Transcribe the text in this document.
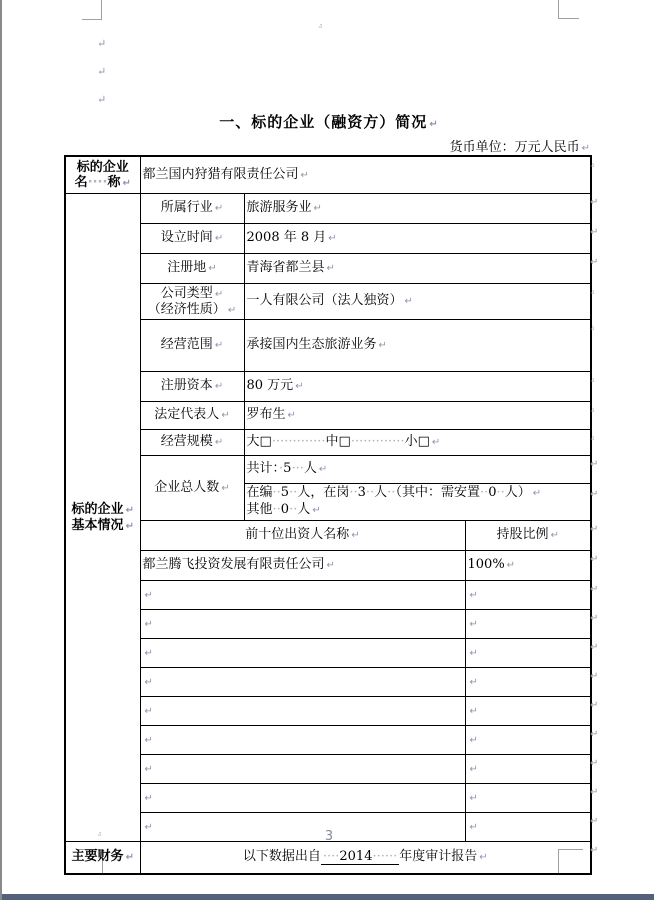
·¹
·¹
↵
↵
↵
一、标的企业（融资方）简况 ↵
货币单位：万元人民币 ↵
标的企业
名····称 ↵
	都兰国内狩猎有限责任公司 ↵
·¹

标的企业 ↵
基本情况 ↵
	所属行业 ↵	旅游服务业 ↵
↵

	设立时间 ↵	2008 年 8 月 ↵
↵	

	注册地 ↵	青海省都兰县 ↵
↵	

公司类型 ↵
（经济性质） ↵
	一人有限公司（法人独资） ↵
·¹

	经营范围 ↵	承接国内生态旅游业务 ↵
·¹	

	注册资本 ↵	80 万元 ↵ ·¹	

	法定代表人 ↵	罗布生 ↵ ·¹	

	经营规模 ↵	大□·············中□·············小□ ↵ ·¹	

	企业总人数 ↵	共计：·5···人 ↵ ↵	

		在编··5··人，在岗··3··人··（其中：需安置··0··人） ↵
其他··0··人 ↵
↵	

	前十位出资人名称 ↵		持股比例 ↵
↵

	都兰腾飞投资发展有限责任公司 ↵		100% ↵
↵

	↵		↵
↵

	↵		↵
↵

	↵		↵
↵

	↵		↵
↵

	↵		↵
↵

	↵		↵
↵

	↵		↵
↵

	↵		↵
↵

	↵		↵
↵

主要财务 ↵	以下数据出自 ····2014······ 年度审计报告 ↵
↵		
3
